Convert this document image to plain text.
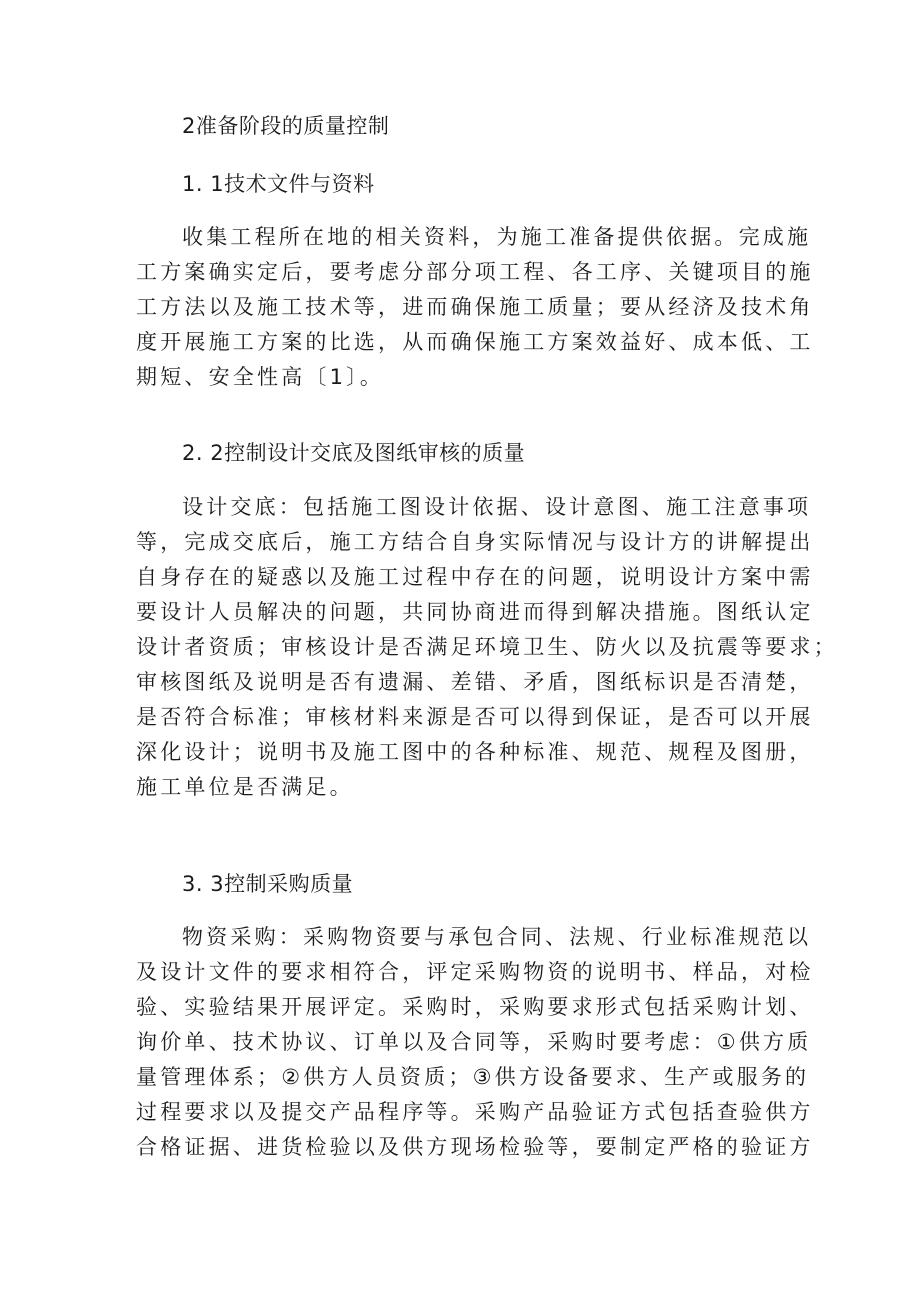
2准备阶段的质量控制
1. 1技术文件与资料
收集工程所在地的相关资料，为施工准备提供依据。完成施
工方案确实定后，要考虑分部分项工程、各工序、关键项目的施
工方法以及施工技术等，进而确保施工质量；要从经济及技术角
度开展施工方案的比选，从而确保施工方案效益好、成本低、工
期短、安全性高〔1〕。
2. 2控制设计交底及图纸审核的质量
设计交底：包括施工图设计依据、设计意图、施工注意事项
等，完成交底后，施工方结合自身实际情况与设计方的讲解提出
自身存在的疑惑以及施工过程中存在的问题，说明设计方案中需
要设计人员解决的问题，共同协商进而得到解决措施。图纸认定
设计者资质；审核设计是否满足环境卫生、防火以及抗震等要求；
审核图纸及说明是否有遗漏、差错、矛盾，图纸标识是否清楚，
是否符合标准；审核材料来源是否可以得到保证，是否可以开展
深化设计；说明书及施工图中的各种标准、规范、规程及图册，
施工单位是否满足。
3. 3控制采购质量
物资采购：采购物资要与承包合同、法规、行业标准规范以
及设计文件的要求相符合，评定采购物资的说明书、样品，对检
验、实验结果开展评定。采购时，采购要求形式包括采购计划、
询价单、技术协议、订单以及合同等，采购时要考虑：①供方质
量管理体系；②供方人员资质；③供方设备要求、生产或服务的
过程要求以及提交产品程序等。采购产品验证方式包括查验供方
合格证据、进货检验以及供方现场检验等，要制定严格的验证方
